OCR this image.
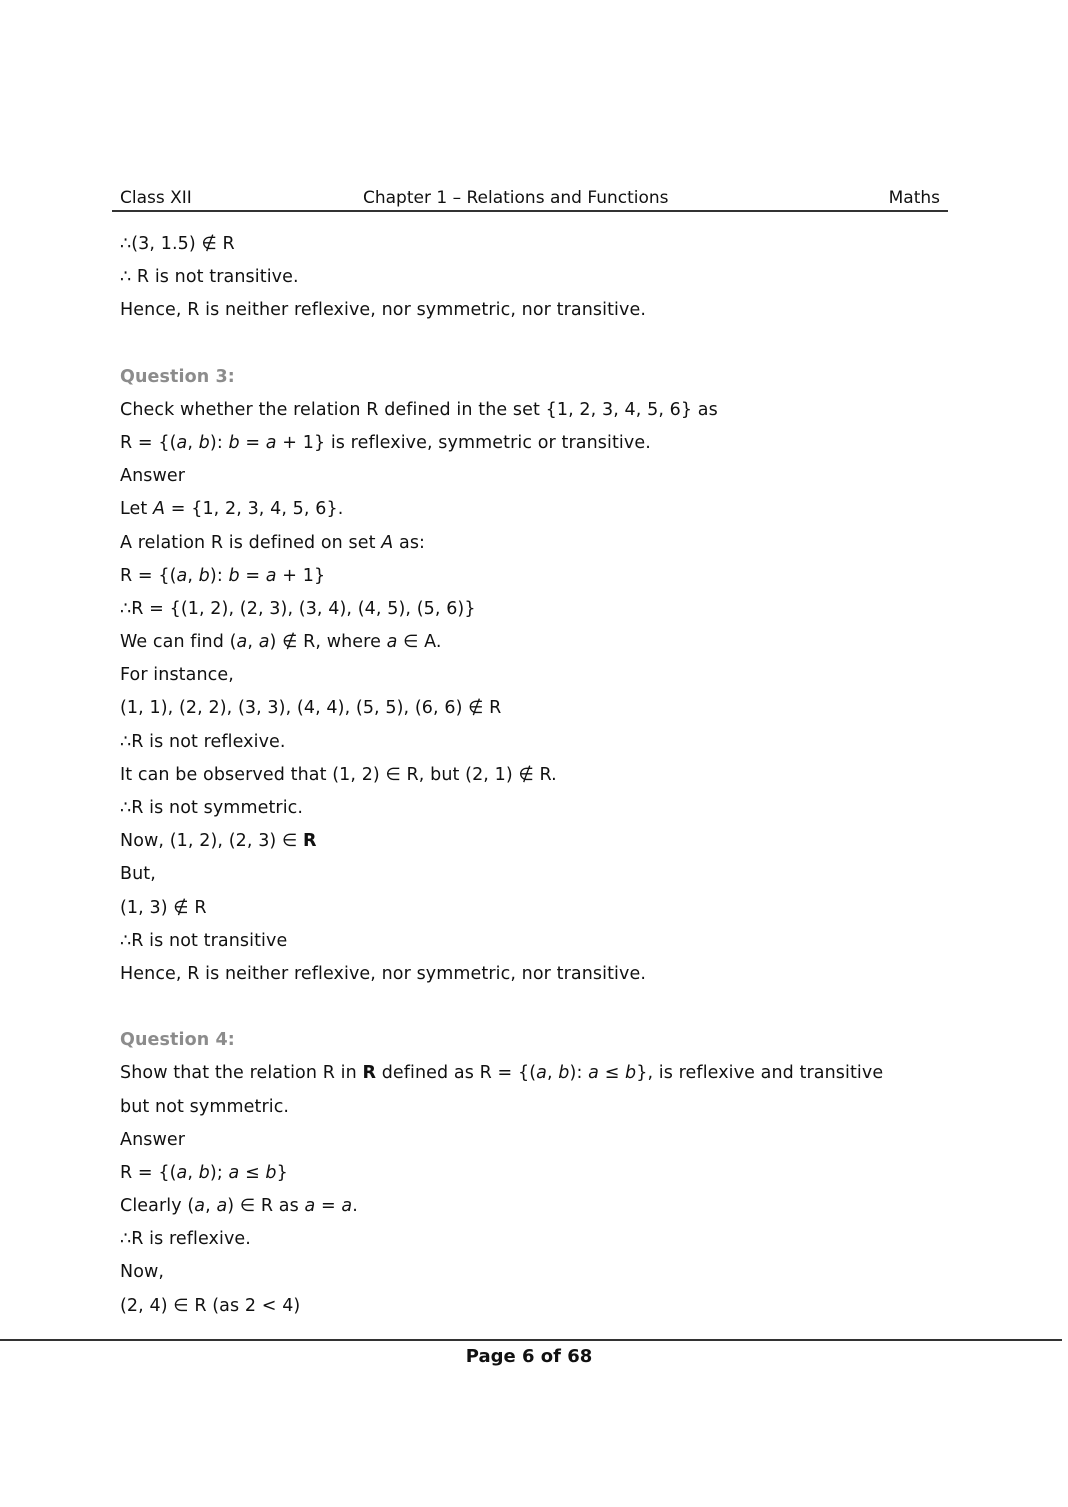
Class XII	Chapter 1 – Relations and Functions	Maths
∴(3, 1.5) ∉ R
∴ R is not transitive.
Hence, R is neither reflexive, nor symmetric, nor transitive.
Question 3:
Check whether the relation R defined in the set {1, 2, 3, 4, 5, 6} as
R = {(a, b): b = a + 1} is reflexive, symmetric or transitive.
Answer
Let A = {1, 2, 3, 4, 5, 6}.
A relation R is defined on set A as:
R = {(a, b): b = a + 1}
∴R = {(1, 2), (2, 3), (3, 4), (4, 5), (5, 6)}
We can find (a, a) ∉ R, where a ∈ A.
For instance,
(1, 1), (2, 2), (3, 3), (4, 4), (5, 5), (6, 6) ∉ R
∴R is not reflexive.
It can be observed that (1, 2) ∈ R, but (2, 1) ∉ R.
∴R is not symmetric.
Now, (1, 2), (2, 3) ∈ R
But,
(1, 3) ∉ R
∴R is not transitive
Hence, R is neither reflexive, nor symmetric, nor transitive.
Question 4:
Show that the relation R in R defined as R = {(a, b): a ≤ b}, is reflexive and transitive
but not symmetric.
Answer
R = {(a, b); a ≤ b}
Clearly (a, a) ∈ R as a = a.
∴R is reflexive.
Now,
(2, 4) ∈ R (as 2 < 4)
Page 6 of 68
